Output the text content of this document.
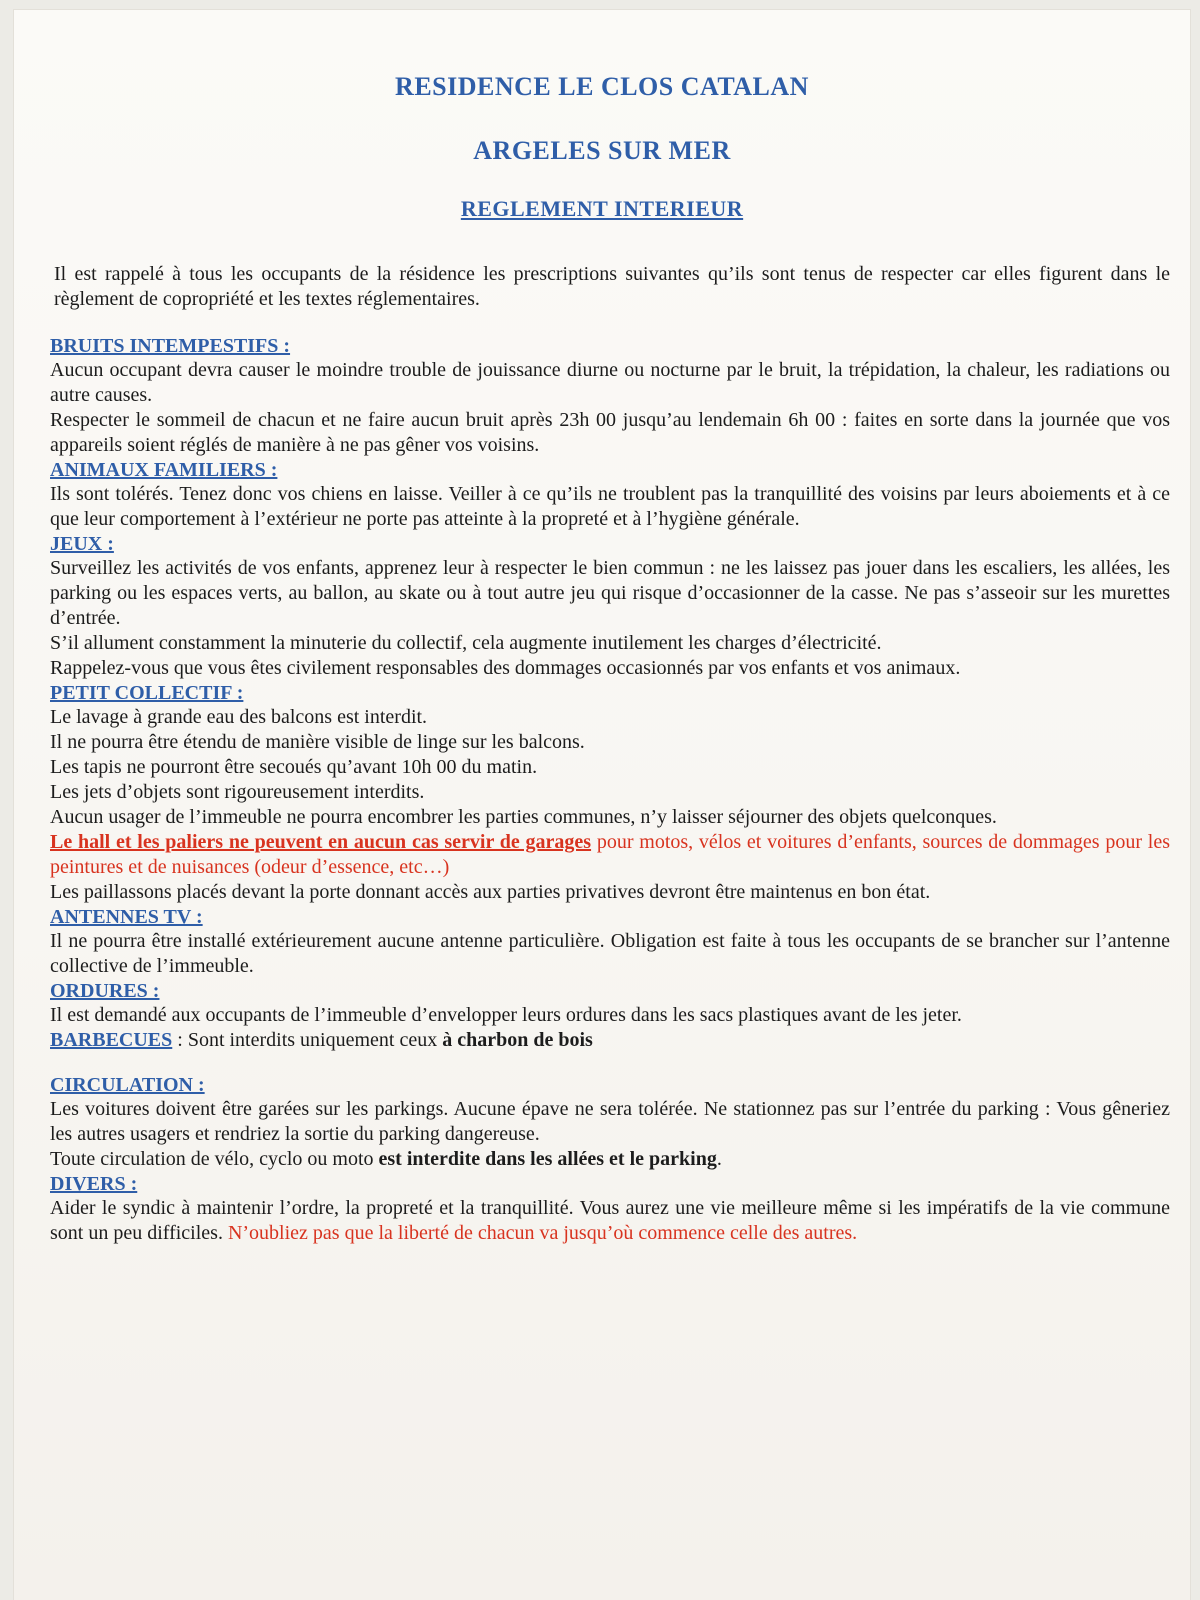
RESIDENCE LE CLOS CATALAN

ARGELES SUR MER

REGLEMENT INTERIEUR

Il est rappelé à tous les occupants de la résidence les prescriptions suivantes qu’ils sont tenus de respecter car elles figurent dans le règlement de copropriété et les textes réglementaires.

BRUITS INTEMPESTIFS :

Aucun occupant devra causer le moindre trouble de jouissance diurne ou nocturne par le bruit, la trépidation, la chaleur, les radiations ou autre causes.

Respecter le sommeil de chacun et ne faire aucun bruit après 23h 00 jusqu’au lendemain 6h 00 : faites en sorte dans la journée que vos appareils soient réglés de manière à ne pas gêner vos voisins.

ANIMAUX FAMILIERS :

Ils sont tolérés. Tenez donc vos chiens en laisse. Veiller à ce qu’ils ne troublent pas la tranquillité des voisins par leurs aboiements et à ce que leur comportement à l’extérieur ne porte pas atteinte à la propreté et à l’hygiène générale.

JEUX :

Surveillez les activités de vos enfants, apprenez leur à respecter le bien commun : ne les laissez pas jouer dans les escaliers, les allées, les parking ou les espaces verts, au ballon, au skate ou à tout autre jeu qui risque d’occasionner de la casse. Ne pas s’asseoir sur les murettes d’entrée.

S’il allument constamment la minuterie du collectif, cela augmente inutilement les charges d’électricité.

Rappelez-vous que vous êtes civilement responsables des dommages occasionnés par vos enfants et vos animaux.

PETIT COLLECTIF :

Le lavage à grande eau des balcons est interdit.

Il ne pourra être étendu de manière visible de linge sur les balcons.

Les tapis ne pourront être secoués qu’avant 10h 00 du matin.

Les jets d’objets sont rigoureusement interdits.

Aucun usager de l’immeuble ne pourra encombrer les parties communes, n’y laisser séjourner des objets quelconques.

Le hall et les paliers ne peuvent en aucun cas servir de garages pour motos, vélos et voitures d’enfants, sources de dommages pour les peintures et de nuisances (odeur d’essence, etc…)

Les paillassons placés devant la porte donnant accès aux parties privatives devront être maintenus en bon état.

ANTENNES TV :

Il ne pourra être installé extérieurement aucune antenne particulière. Obligation est faite à tous les occupants de se brancher sur l’antenne collective de l’immeuble.

ORDURES :

Il est demandé aux occupants de l’immeuble d’envelopper leurs ordures dans les sacs plastiques avant de les jeter.

BARBECUES : Sont interdits uniquement ceux à charbon de bois

CIRCULATION :

Les voitures doivent être garées sur les parkings. Aucune épave ne sera tolérée. Ne stationnez pas sur l’entrée du parking : Vous gêneriez les autres usagers et rendriez la sortie du parking dangereuse.

Toute circulation de vélo, cyclo ou moto est interdite dans les allées et le parking.

DIVERS :

Aider le syndic à maintenir l’ordre, la propreté et la tranquillité. Vous aurez une vie meilleure même si les impératifs de la vie commune sont un peu difficiles. N’oubliez pas que la liberté de chacun va jusqu’où commence celle des autres.
